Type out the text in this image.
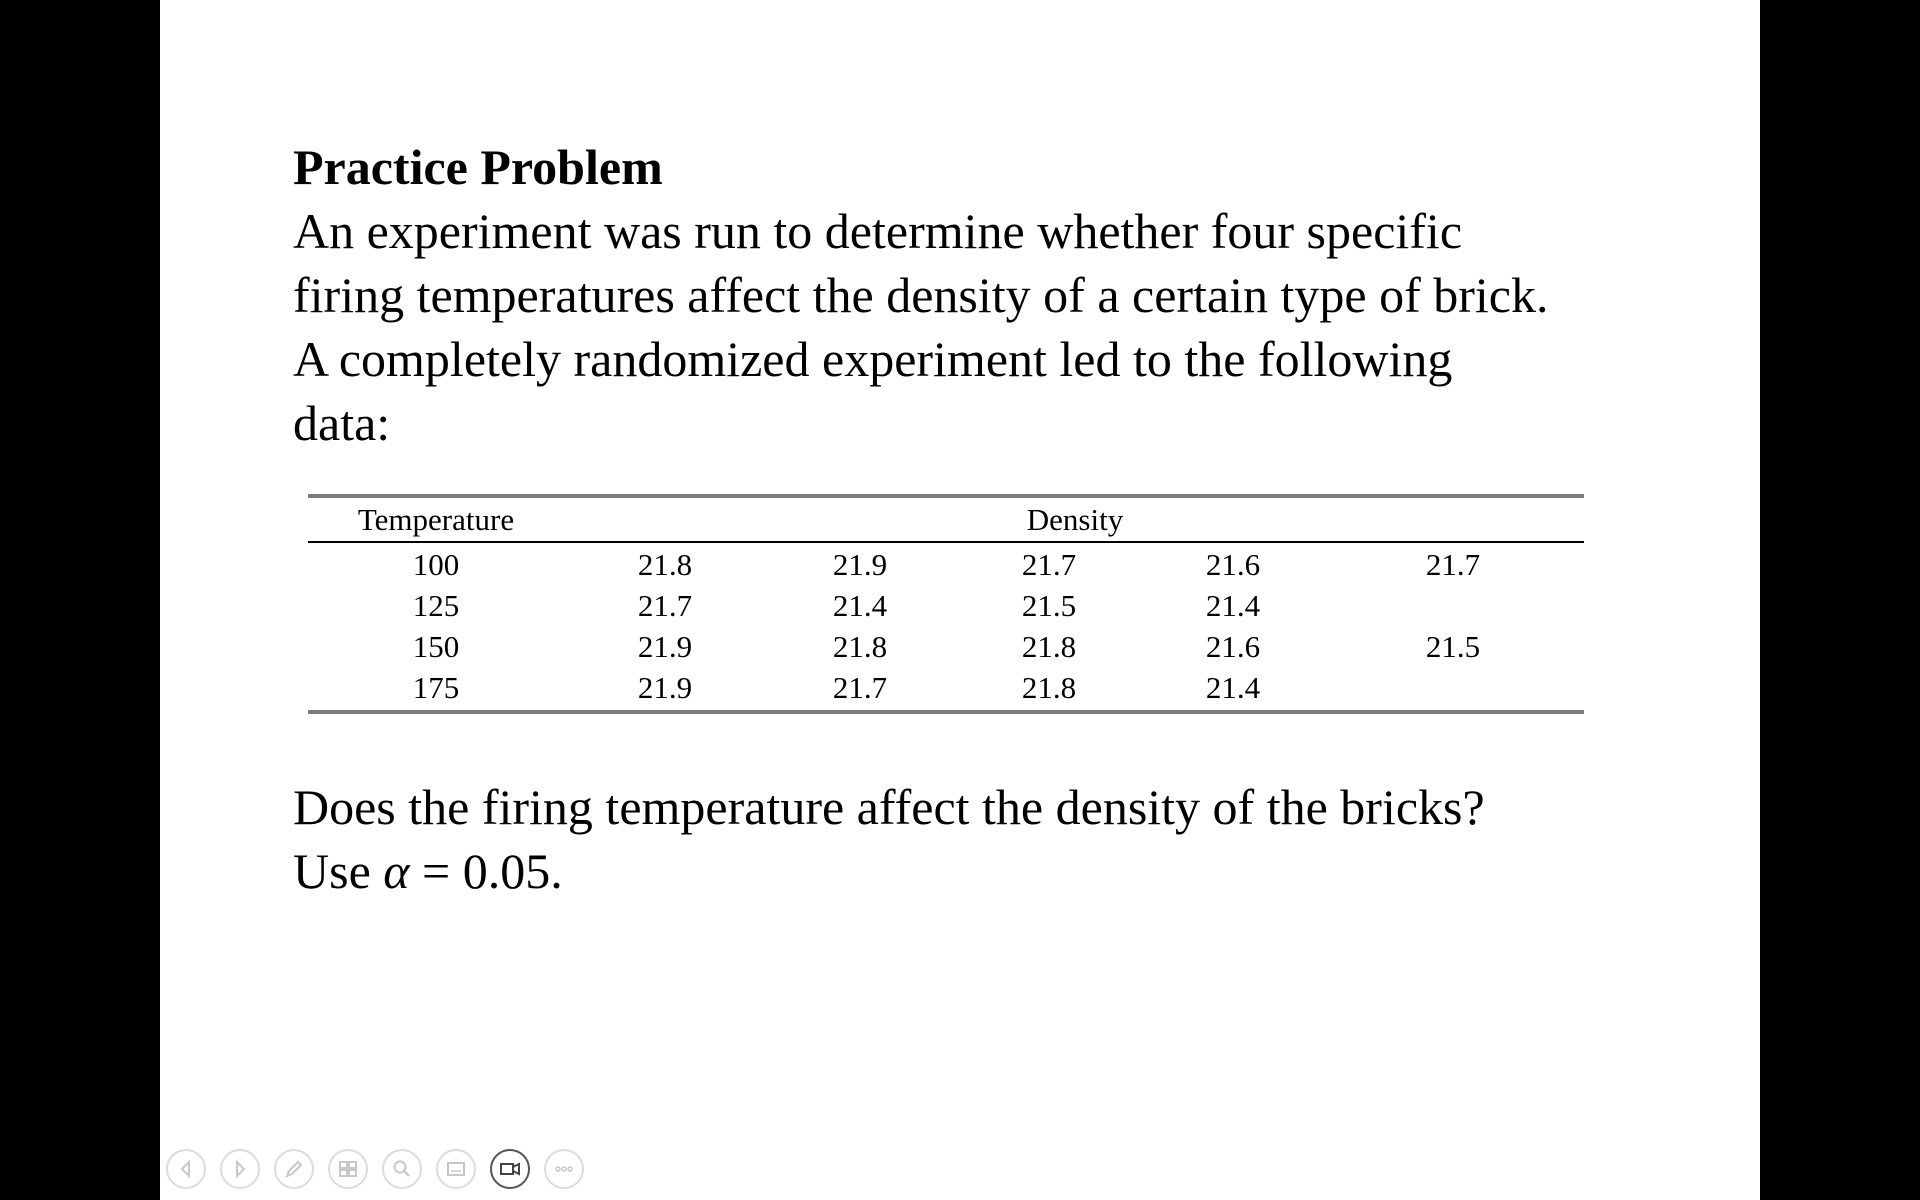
Practice Problem
An experiment was run to determine whether four specific
firing temperatures affect the density of a certain type of brick.
A completely randomized experiment led to the following
data:
Temperature	Density
100	21.8	21.9	21.7	21.6	21.7
125	21.7	21.4	21.5	21.4
150	21.9	21.8	21.8	21.6	21.5
175	21.9	21.7	21.8	21.4
Does the firing temperature affect the density of the bricks?
Use α = 0.05.
